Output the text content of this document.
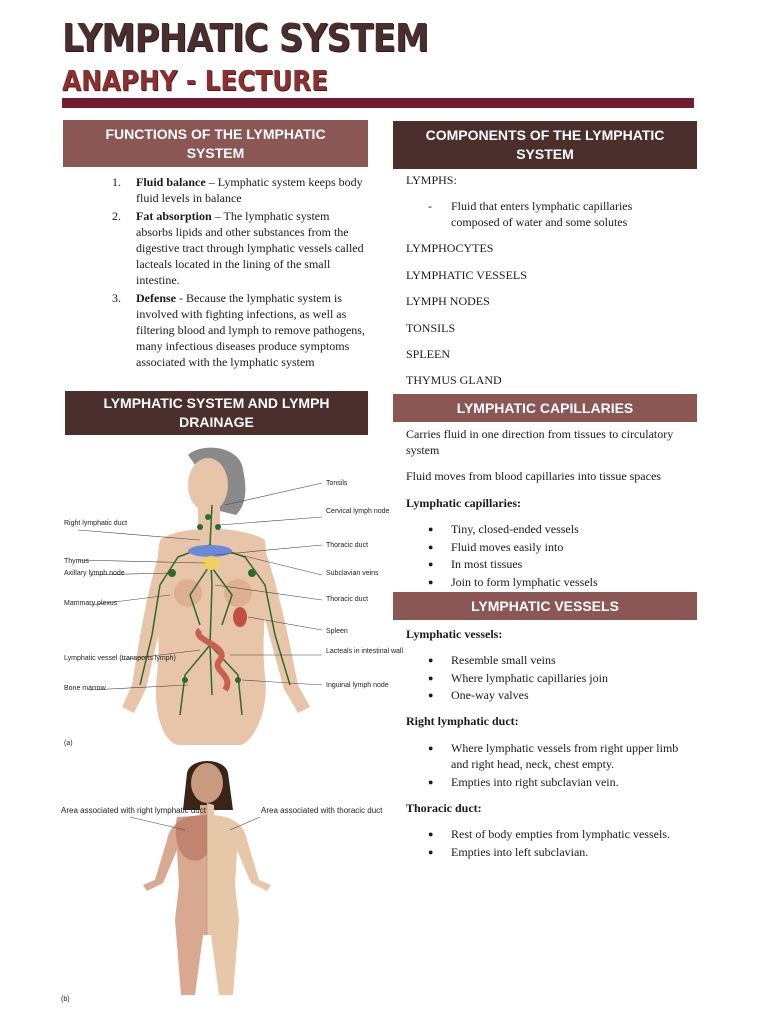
LYMPHATIC SYSTEM
ANAPHY - LECTURE
FUNCTIONS OF THE LYMPHATIC SYSTEM
1.	Fluid balance – Lymphatic system keeps body fluid levels in balance
2.	Fat absorption – The lymphatic system absorbs lipids and other substances from the digestive tract through lymphatic vessels called lacteals located in the lining of the small intestine.
3.	Defense - Because the lymphatic system is involved with fighting infections, as well as filtering blood and lymph to remove pathogens, many infectious diseases produce symptoms associated with the lymphatic system
COMPONENTS OF THE LYMPHATIC SYSTEM
LYMPHS:
-	Fluid that enters lymphatic capillaries composed of water and some solutes
LYMPHOCYTES
LYMPHATIC VESSELS
LYMPH NODES
TONSILS
SPLEEN
THYMUS GLAND
LYMPHATIC SYSTEM AND LYMPH DRAINAGE
Right lymphatic duct
Thymus
Axillary lymph node
Mammary plexus
Lymphatic vessel (transports lymph)
Bone marrow
Tonsils
Cervical lymph node
Thoracic duct
Subclavian veins
Thoracic duct
Spleen
Lacteals in intestinal wall
Inguinal lymph node
(a)
Area associated with right lymphatic duct	Area associated with thoracic duct
(b)
LYMPHATIC CAPILLARIES
Carries fluid in one direction from tissues to circulatory system
Fluid moves from blood capillaries into tissue spaces
Lymphatic capillaries:
●	Tiny, closed-ended vessels
●	Fluid moves easily into
●	In most tissues
●	Join to form lymphatic vessels
LYMPHATIC VESSELS
Lymphatic vessels:
●	Resemble small veins
●	Where lymphatic capillaries join
●	One-way valves
Right lymphatic duct:
●	Where lymphatic vessels from right upper limb and right head, neck, chest empty.
●	Empties into right subclavian vein.
Thoracic duct:
●	Rest of body empties from lymphatic vessels.
●	Empties into left subclavian.
